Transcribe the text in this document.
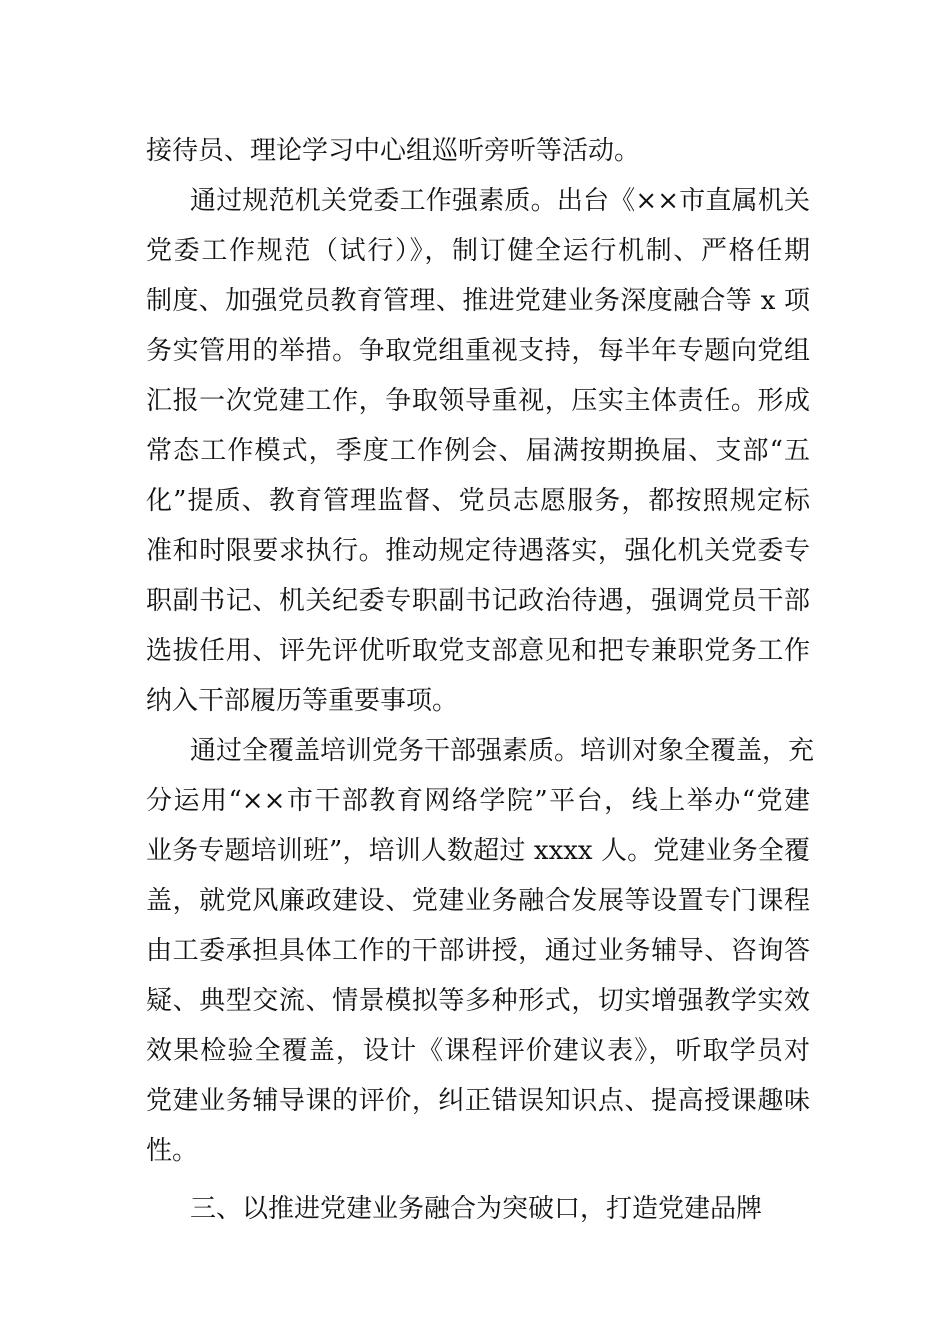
接待员、理论学习中心组巡听旁听等活动。
通过规范机关党委工作强素质。出台《××市直属机关
党委工作规范（试行）》，制订健全运行机制、严格任期
制度、加强党员教育管理、推进党建业务深度融合等 x 项
务实管用的举措。争取党组重视支持，每半年专题向党组
汇报一次党建工作，争取领导重视，压实主体责任。形成
常态工作模式，季度工作例会、届满按期换届、支部“五
化”提质、教育管理监督、党员志愿服务，都按照规定标
准和时限要求执行。推动规定待遇落实，强化机关党委专
职副书记、机关纪委专职副书记政治待遇，强调党员干部
选拔任用、评先评优听取党支部意见和把专兼职党务工作
纳入干部履历等重要事项。
通过全覆盖培训党务干部强素质。培训对象全覆盖，充
分运用“××市干部教育网络学院”平台，线上举办“党建
业务专题培训班”，培训人数超过 xxxx 人。党建业务全覆
盖，就党风廉政建设、党建业务融合发展等设置专门课程
由工委承担具体工作的干部讲授，通过业务辅导、咨询答
疑、典型交流、情景模拟等多种形式，切实增强教学实效
效果检验全覆盖，设计《课程评价建议表》，听取学员对
党建业务辅导课的评价，纠正错误知识点、提高授课趣味
性。
三、以推进党建业务融合为突破口，打造党建品牌
